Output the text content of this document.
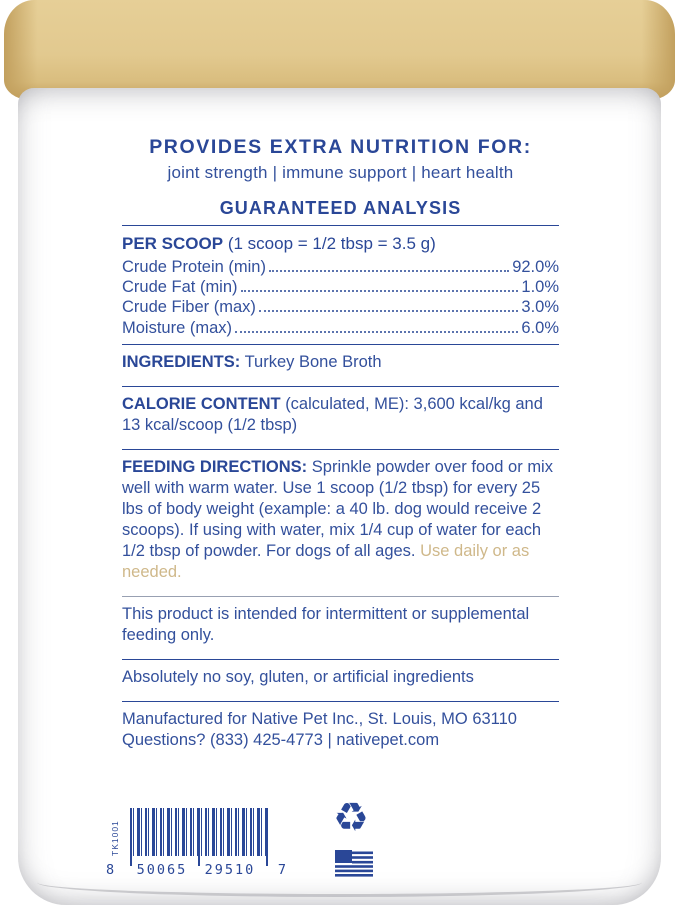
PROVIDES EXTRA NUTRITION FOR:
joint strength | immune support | heart health
GUARANTEED ANALYSIS
PER SCOOP (1 scoop = 1/2 tbsp = 3.5 g)
Crude Protein (min)	92.0%
Crude Fat (min)	1.0%
Crude Fiber (max)	3.0%
Moisture (max)	6.0%

INGREDIENTS: Turkey Bone Broth

CALORIE CONTENT (calculated, ME): 3,600 kcal/kg and 13 kcal/scoop (1/2 tbsp)

FEEDING DIRECTIONS: Sprinkle powder over food or mix well with warm water. Use 1 scoop (1/2 tbsp) for every 25 lbs of body weight (example: a 40 lb. dog would receive 2 scoops). If using with water, mix 1/4 cup of water for each 1/2 tbsp of powder. For dogs of all ages. Use daily or as needed.

This product is intended for intermittent or supplemental feeding only.

Absolutely no soy, gluten, or artificial ingredients

Manufactured for Native Pet Inc., St. Louis, MO 63110
Questions? (833) 425-4773 | nativepet.com

TK1001
8	50065	29510	7
♻
